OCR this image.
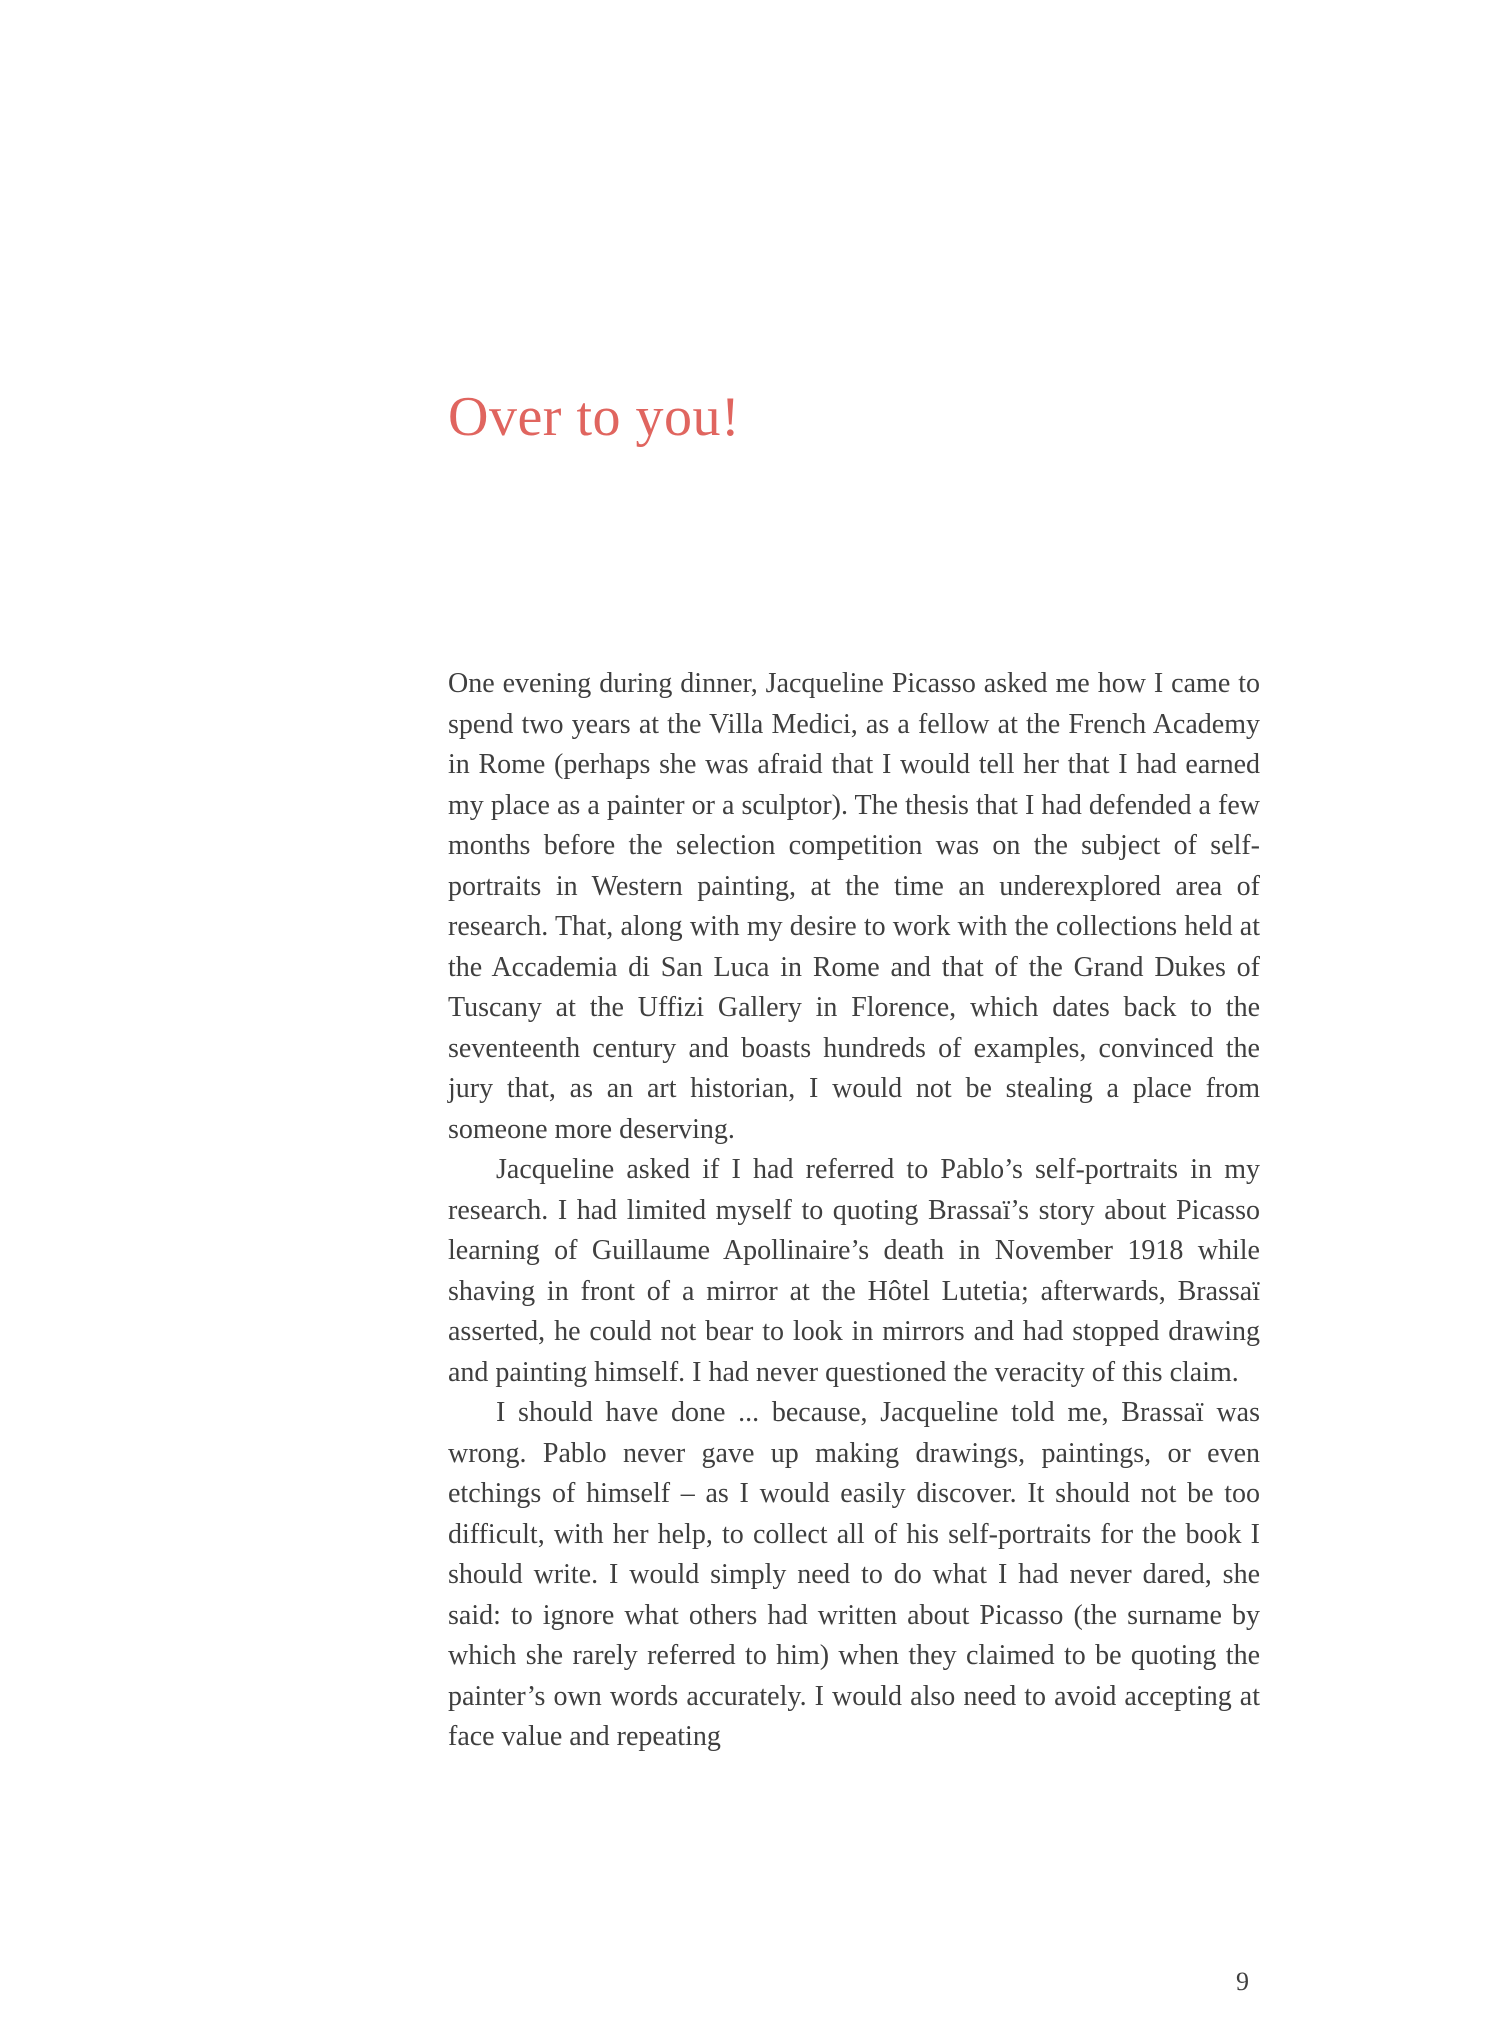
Over to you!

One evening during dinner, Jacqueline Picasso asked me how I came to spend two years at the Villa Medici, as a fellow at the French Academy in Rome (perhaps she was afraid that I would tell her that I had earned my place as a painter or a sculptor). The thesis that I had defended a few months before the selection competition was on the subject of self-portraits in Western painting, at the time an underexplored area of research. That, along with my desire to work with the collections held at the Accademia di San Luca in Rome and that of the Grand Dukes of Tuscany at the Uffizi Gallery in Florence, which dates back to the seventeenth century and boasts hundreds of examples, convinced the jury that, as an art historian, I would not be stealing a place from someone more deserving.

Jacqueline asked if I had referred to Pablo’s self-portraits in my research. I had limited myself to quoting Brassaï’s story about Picasso learning of Guillaume Apollinaire’s death in November 1918 while shaving in front of a mirror at the Hôtel Lutetia; afterwards, Brassaï asserted, he could not bear to look in mirrors and had stopped drawing and painting himself. I had never questioned the veracity of this claim.

I should have done ... because, Jacqueline told me, Brassaï was wrong. Pablo never gave up making drawings, paintings, or even etchings of himself – as I would easily discover. It should not be too difficult, with her help, to collect all of his self-portraits for the book I should write. I would simply need to do what I had never dared, she said: to ignore what others had written about Picasso (the surname by which she rarely referred to him) when they claimed to be quoting the painter’s own words accurately. I would also need to avoid accepting at face value and repeating

9
